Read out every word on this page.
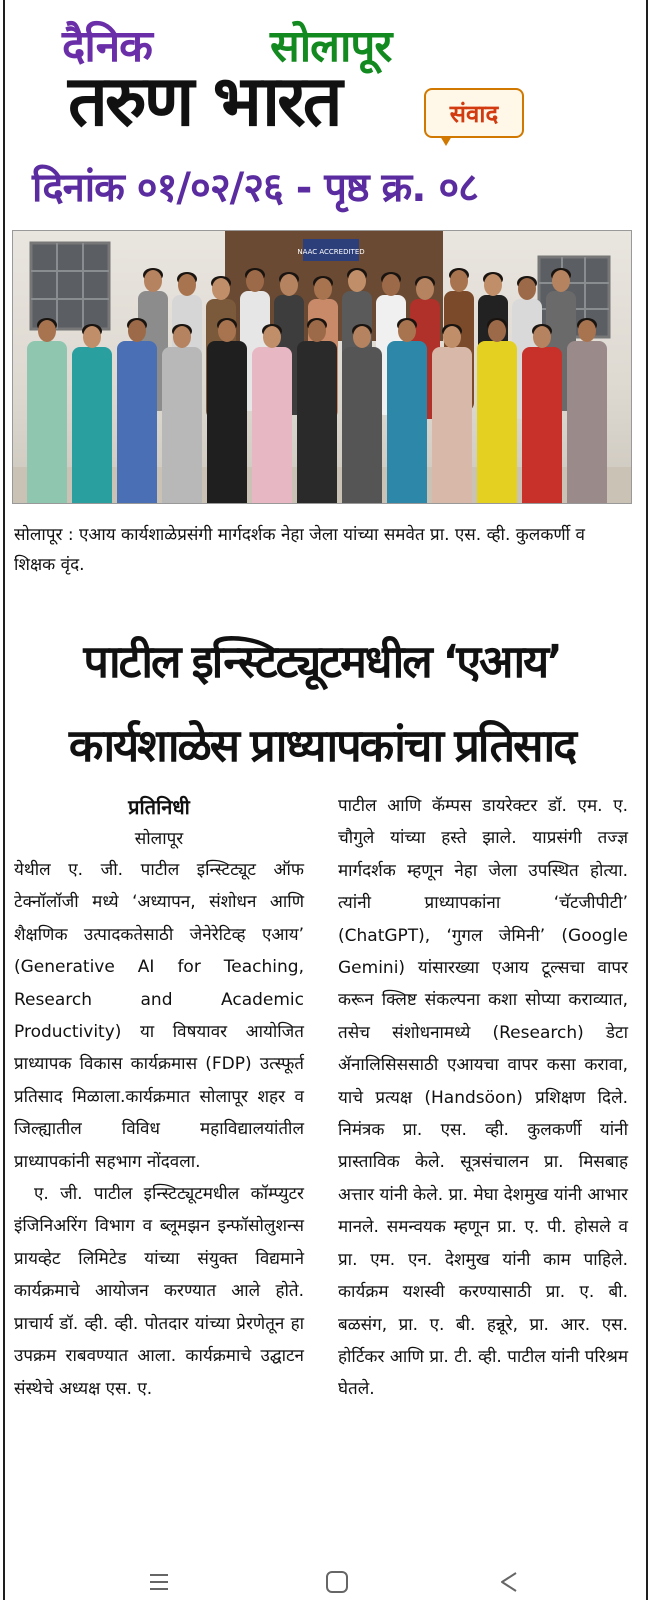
दैनिक	सोलापूर
तरुण भारत	संवाद
दिनांक ०१/०२/२६ - पृष्ठ क्र. ०८
NAAC ACCREDITED
सोलापूर : एआय कार्यशाळेप्रसंगी मार्गदर्शक नेहा जेला यांच्या समवेत प्रा. एस. व्ही. कुलकर्णी व शिक्षक वृंद.
पाटील इन्स्टिट्यूटमधील ‘एआय’
कार्यशाळेस प्राध्यापकांचा प्रतिसाद
प्रतिनिधी
सोलापूर

येथील ए. जी. पाटील इन्स्टिट्यूट ऑफ टेक्नॉलॉजी मध्ये ‘अध्यापन, संशोधन आणि शैक्षणिक उत्पादकतेसाठी जेनेरेटिव्ह एआय’ (Generative AI for Teaching, Research and Academic Productivity) या विषयावर आयोजित प्राध्यापक विकास कार्यक्रमास (FDP) उत्स्फूर्त प्रतिसाद मिळाला.कार्यक्रमात सोलापूर शहर व जिल्ह्यातील विविध महाविद्यालयांतील प्राध्यापकांनी सहभाग नोंदवला.

ए. जी. पाटील इन्स्टिट्यूटमधील कॉम्प्युटर इंजिनिअरिंग विभाग व ब्लूमझन इन्फॉसोलुशन्स प्रायव्हेट लिमिटेड यांच्या संयुक्त विद्यमाने कार्यक्रमाचे आयोजन करण्यात आले होते. प्राचार्य डॉ. व्ही. व्ही. पोतदार यांच्या प्रेरणेतून हा उपक्रम राबवण्यात आला. कार्यक्रमाचे उद्घाटन संस्थेचे अध्यक्ष एस. ए.

पाटील आणि कॅम्पस डायरेक्टर डॉ. एम. ए. चौगुले यांच्या हस्ते झाले. याप्रसंगी तज्ज्ञ मार्गदर्शक म्हणून नेहा जेला उपस्थित होत्या. त्यांनी प्राध्यापकांना ‘चॅटजीपीटी’ (ChatGPT), ‘गुगल जेमिनी’ (Google Gemini) यांसारख्या एआय टूल्सचा वापर करून क्लिष्ट संकल्पना कशा सोप्या कराव्यात, तसेच संशोधनामध्ये (Research) डेटा ॲनालिसिससाठी एआयचा वापर कसा करावा, याचे प्रत्यक्ष (Handsöon) प्रशिक्षण दिले. निमंत्रक प्रा. एस. व्ही. कुलकर्णी यांनी प्रास्ताविक केले. सूत्रसंचालन प्रा. मिसबाह अत्तार यांनी केले. प्रा. मेघा देशमुख यांनी आभार मानले. समन्वयक म्हणून प्रा. ए. पी. होसले व प्रा. एम. एन. देशमुख यांनी काम पाहिले. कार्यक्रम यशस्वी करण्यासाठी प्रा. ए. बी. बळसंग, प्रा. ए. बी. हन्नूरे, प्रा. आर. एस. होर्टिकर आणि प्रा. टी. व्ही. पाटील यांनी परिश्रम घेतले.
